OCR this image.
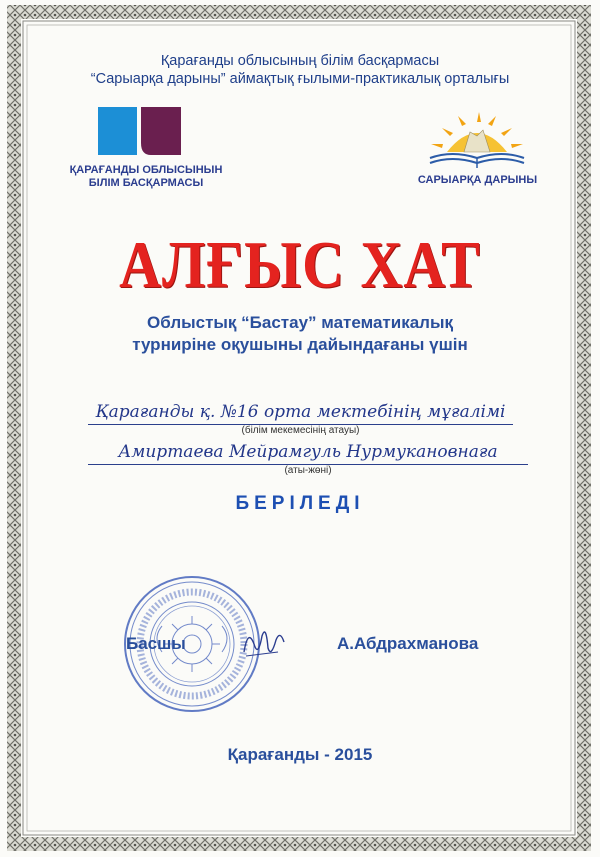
Қарағанды облысының білім басқармасы
“Сарыарқа дарыны” аймақтық ғылыми-практикалық орталығы
ҚАРАҒАНДЫ ОБЛЫСЫНЫН
БІЛІМ БАСҚАРМАСЫ	САРЫАРҚА ДАРЫНЫ
АЛҒЫС ХАТ
Облыстық “Бастау” математикалық
турниріне оқушыны дайындағаны үшін
Қарағанды қ. №16 орта мектебінің мұғалімі
(білім мекемесінің атауы)
Амиртаева Мейрамгуль Нурмукановнаға
(аты-жөні)
БЕРІЛЕДІ
Басшы	А.Абдрахманова
Қарағанды - 2015
